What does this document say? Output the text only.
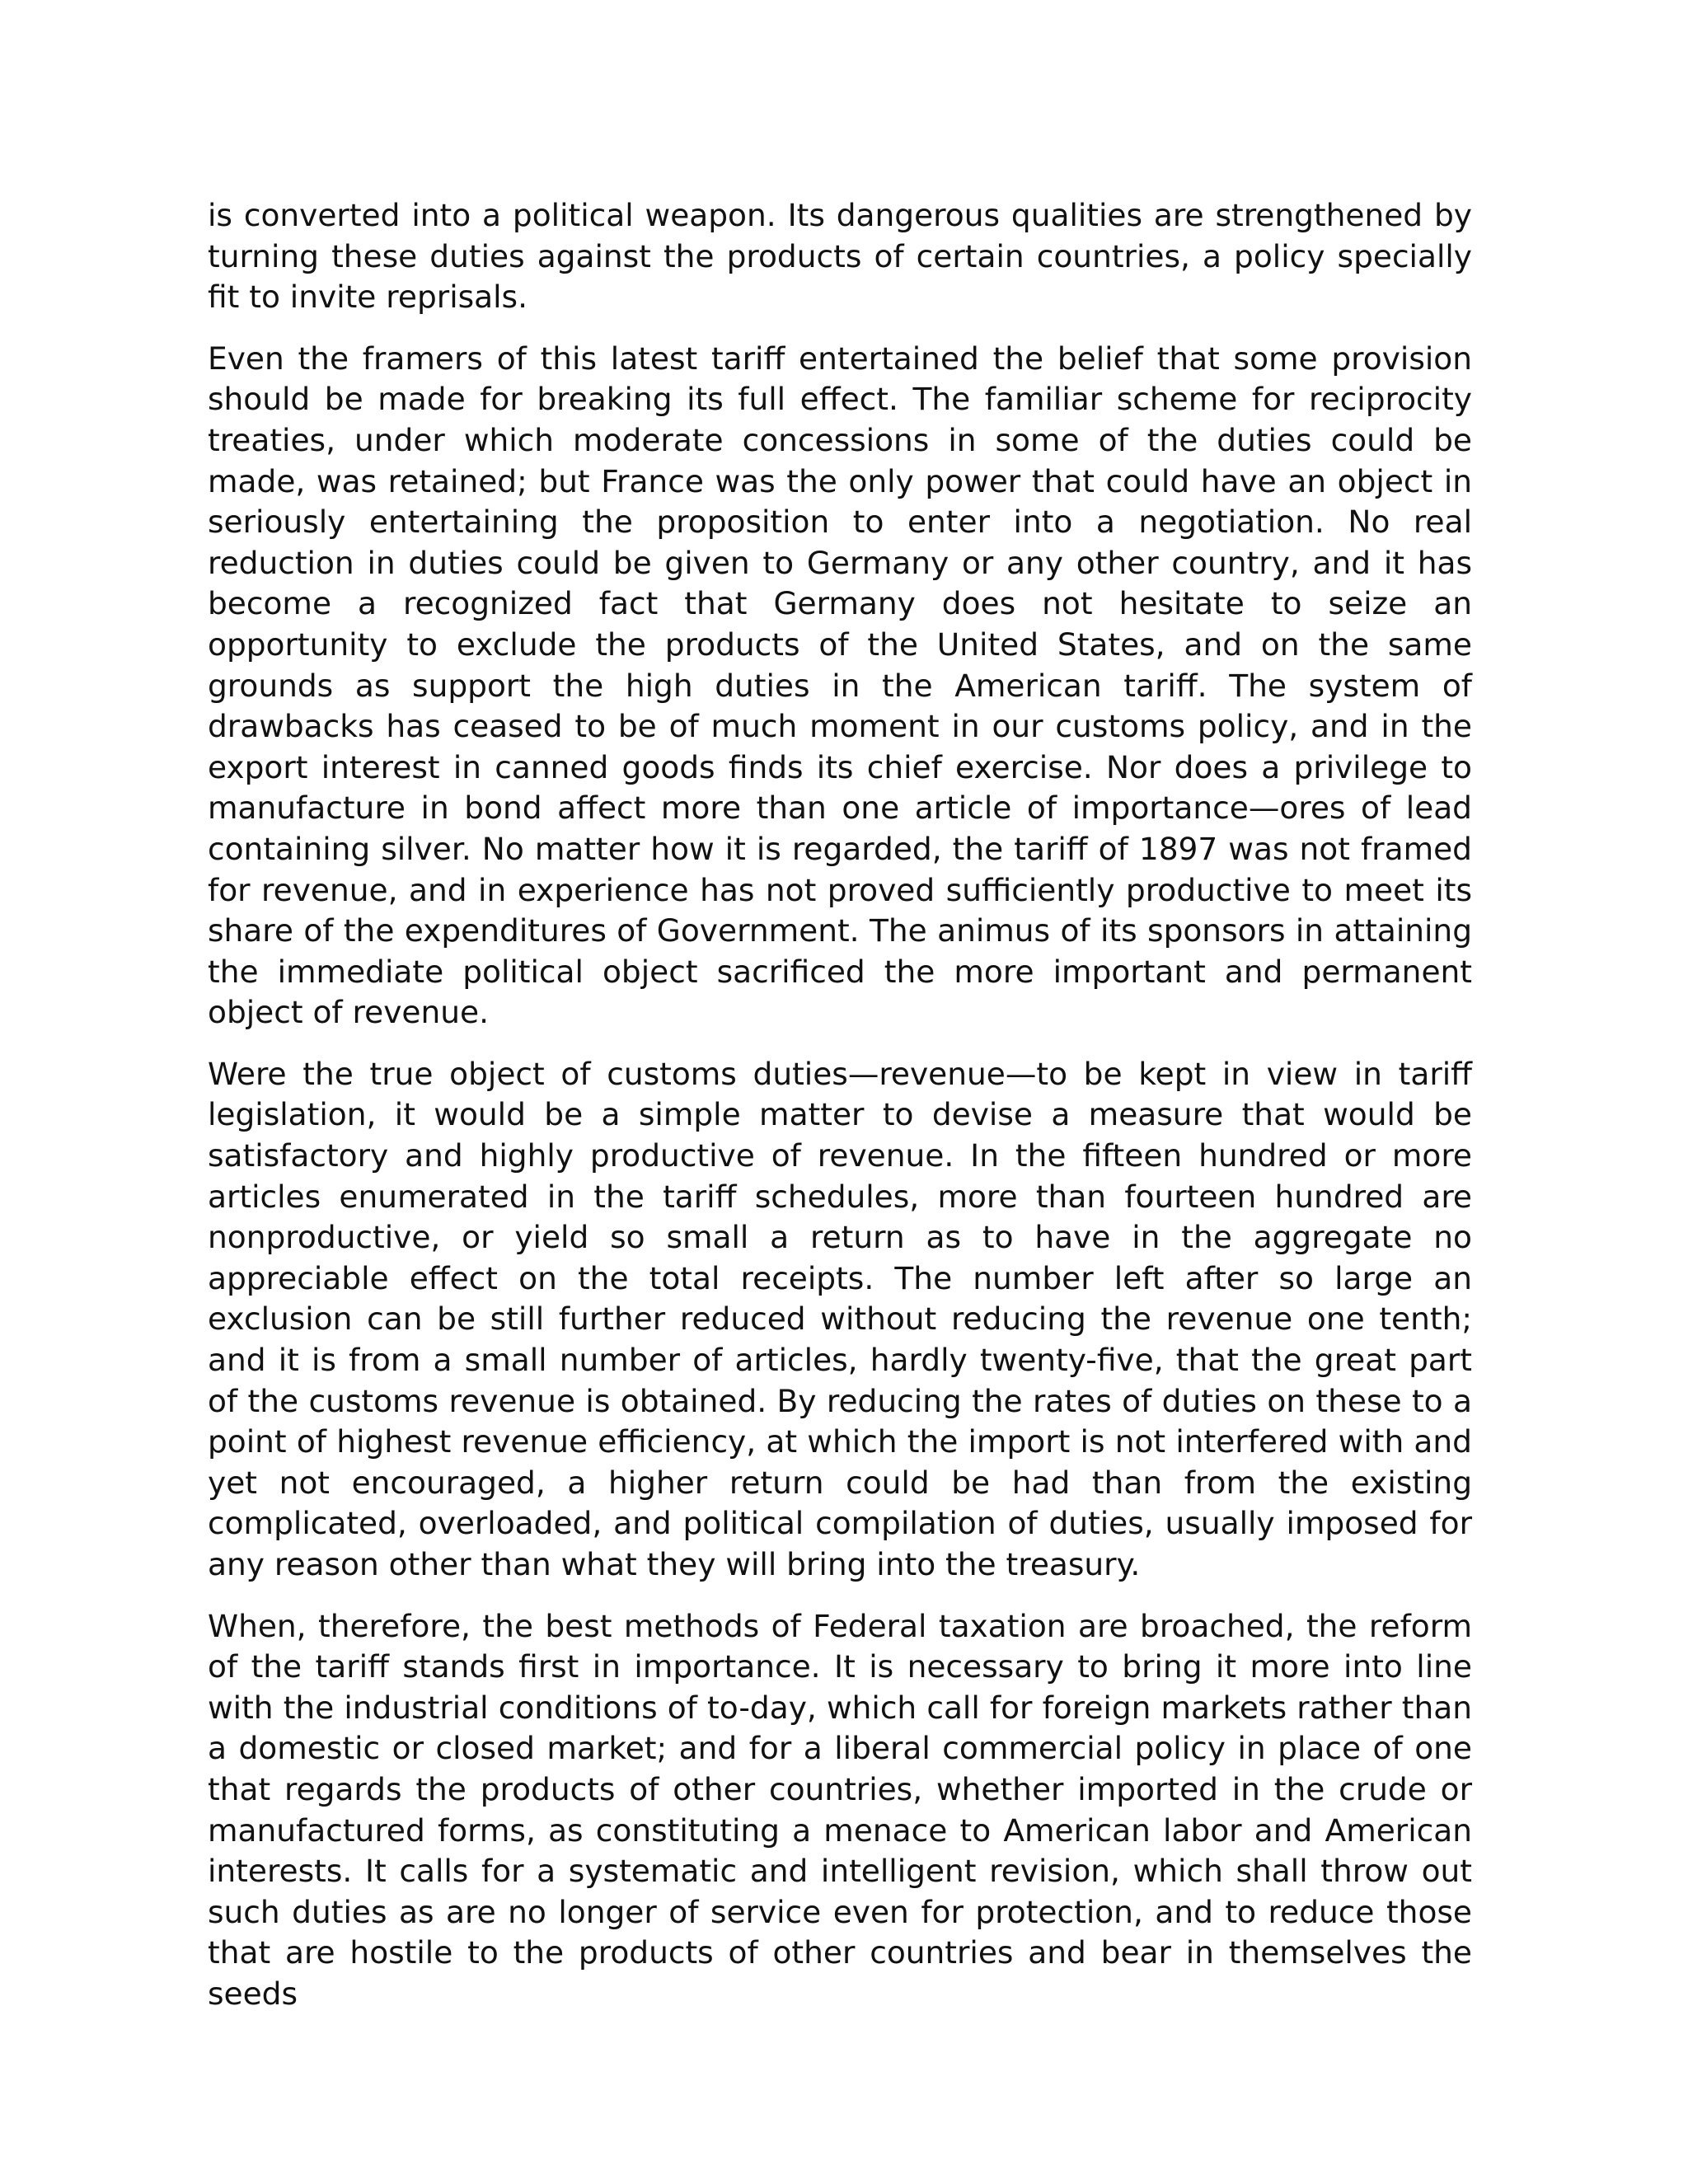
is converted into a political weapon. Its dangerous qualities are strengthened by turning these duties against the products of certain countries, a policy specially fit to invite reprisals.

Even the framers of this latest tariff entertained the belief that some provision should be made for breaking its full effect. The familiar scheme for reciprocity treaties, under which moderate concessions in some of the duties could be made, was retained; but France was the only power that could have an object in seriously entertaining the proposition to enter into a negotiation. No real reduction in duties could be given to Germany or any other country, and it has become a recognized fact that Germany does not hesitate to seize an opportunity to exclude the products of the United States, and on the same grounds as support the high duties in the American tariff. The system of drawbacks has ceased to be of much moment in our customs policy, and in the export interest in canned goods finds its chief exercise. Nor does a privilege to manufacture in bond affect more than one article of importance—ores of lead containing silver. No matter how it is regarded, the tariff of 1897 was not framed for revenue, and in experience has not proved sufficiently productive to meet its share of the expenditures of Government. The animus of its sponsors in attaining the immediate political object sacrificed the more important and permanent object of revenue.

Were the true object of customs duties—revenue—to be kept in view in tariff legislation, it would be a simple matter to devise a measure that would be satisfactory and highly productive of revenue. In the fifteen hundred or more articles enumerated in the tariff schedules, more than fourteen hundred are nonproductive, or yield so small a return as to have in the aggregate no appreciable effect on the total receipts. The number left after so large an exclusion can be still further reduced without reducing the revenue one tenth; and it is from a small number of articles, hardly twenty-five, that the great part of the customs revenue is obtained. By reducing the rates of duties on these to a point of highest revenue efficiency, at which the import is not interfered with and yet not encouraged, a higher return could be had than from the existing complicated, overloaded, and political compilation of duties, usually imposed for any reason other than what they will bring into the treasury.

When, therefore, the best methods of Federal taxation are broached, the reform of the tariff stands first in importance. It is necessary to bring it more into line with the industrial conditions of to-day, which call for foreign markets rather than a domestic or closed market; and for a liberal commercial policy in place of one that regards the products of other countries, whether imported in the crude or manufactured forms, as constituting a menace to American labor and American interests. It calls for a systematic and intelligent revision, which shall throw out such duties as are no longer of service even for protection, and to reduce those that are hostile to the products of other countries and bear in themselves the seeds
